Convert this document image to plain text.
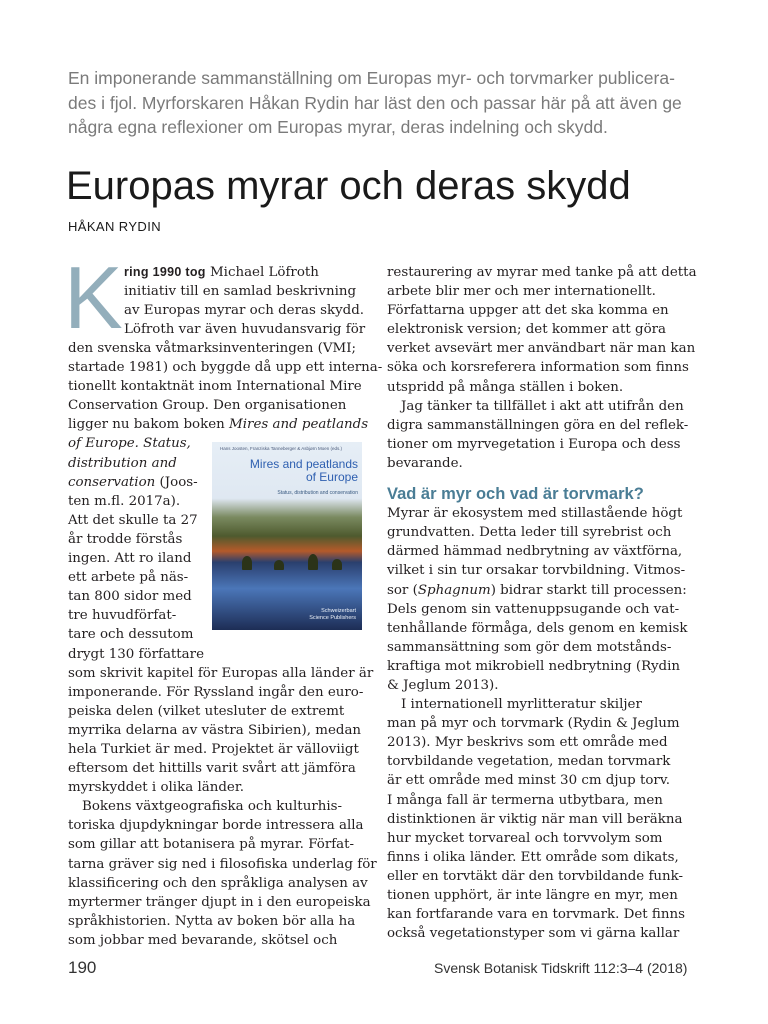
En imponerande sammanställning om Europas myr- och torvmarker publicera-
des i fjol. Myrforskaren Håkan Rydin har läst den och passar här på att även ge
några egna reflexioner om Europas myrar, deras indelning och skydd.
Europas myrar och deras skydd
HÅKAN RYDIN
K ring 1990 tog Michael Löfroth
initiativ till en samlad beskrivning
av Europas myrar och deras skydd.
Löfroth var även huvudansvarig för
den svenska våtmarksinventeringen (VMI;
startade 1981) och byggde då upp ett interna-
tionellt kontaktnät inom International Mire
Conservation Group. Den organisationen
ligger nu bakom boken Mires and peatlands
of Europe. Status,
distribution and
conservation (Joos-
ten m.fl. 2017a).
Att det skulle ta 27
år trodde förstås
ingen. Att ro iland
ett arbete på näs-
tan 800 sidor med
tre huvudförfat-
tare och dessutom
drygt 130 författare
som skrivit kapitel för Europas alla länder är
imponerande. För Ryssland ingår den euro-
peiska delen (vilket utesluter de extremt
myrrika delarna av västra Sibirien), medan
hela Turkiet är med. Projektet är välloviigt
eftersom det hittills varit svårt att jämföra
myrskyddet i olika länder.
Bokens växtgeografiska och kulturhis-
toriska djupdykningar borde intressera alla
som gillar att botanisera på myrar. Förfat-
tarna gräver sig ned i filosofiska underlag för
klassificering och den språkliga analysen av
myrtermer tränger djupt in i den europeiska
språkhistorien. Nytta av boken bör alla ha
som jobbar med bevarande, skötsel och
Hans Joosten, Franziska Tanneberger & Asbjørn Moen (eds.)
Mires and peatlands
of Europe
Status, distribution and conservation
Schweizerbart
Science Publishers
restaurering av myrar med tanke på att detta
arbete blir mer och mer internationellt.
Författarna uppger att det ska komma en
elektronisk version; det kommer att göra
verket avsevärt mer användbart när man kan
söka och korsreferera information som finns
utspridd på många ställen i boken.
Jag tänker ta tillfället i akt att utifrån den
digra sammanställningen göra en del reflek-
tioner om myrvegetation i Europa och dess
bevarande.
Vad är myr och vad är torvmark?
Myrar är ekosystem med stillastående högt
grundvatten. Detta leder till syrebrist och
därmed hämmad nedbrytning av växtförna,
vilket i sin tur orsakar torvbildning. Vitmos-
sor (Sphagnum) bidrar starkt till processen:
Dels genom sin vattenuppsugande och vat-
tenhållande förmåga, dels genom en kemisk
sammansättning som gör dem motstånds-
kraftiga mot mikrobiell nedbrytning (Rydin
& Jeglum 2013).
I internationell myrlitteratur skiljer
man på myr och torvmark (Rydin & Jeglum
2013). Myr beskrivs som ett område med
torvbildande vegetation, medan torvmark
är ett område med minst 30 cm djup torv.
I många fall är termerna utbytbara, men
distinktionen är viktig när man vill beräkna
hur mycket torvareal och torvvolym som
finns i olika länder. Ett område som dikats,
eller en torvtäkt där den torvbildande funk-
tionen upphört, är inte längre en myr, men
kan fortfarande vara en torvmark. Det finns
också vegetationstyper som vi gärna kallar
190	Svensk Botanisk Tidskrift 112:3–4 (2018)
